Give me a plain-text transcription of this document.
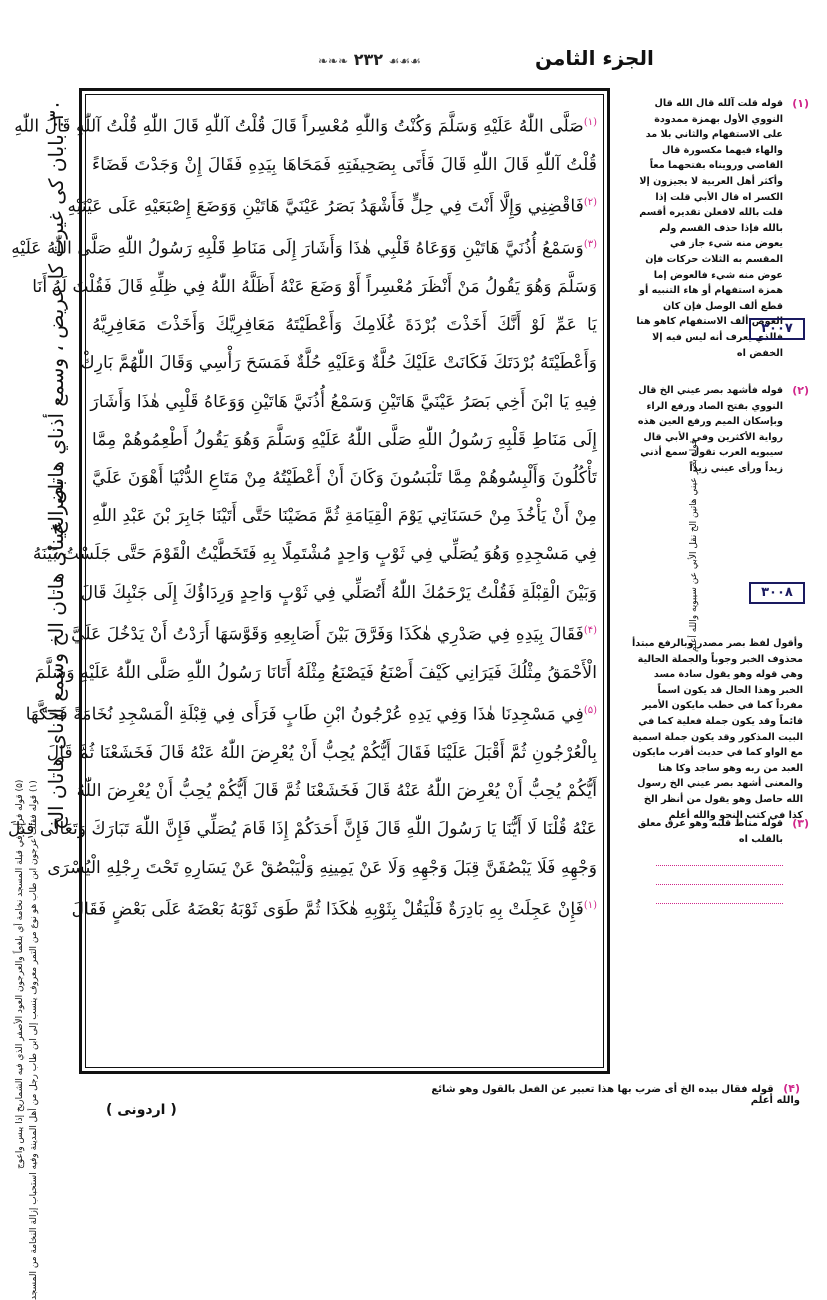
الجزء الثامن
❧❧❧ ۲۳۲ ☙☙☙
$^{(۱)}$صَلَّى اللّٰهُ عَلَيْهِ وَسَلَّمَ وَكُنْتُ وَاللّٰهِ مُعْسِراً قَالَ قُلْتُ آللّٰهِ قَالَ اللّٰهِ قُلْتُ آللّٰهِ قَالَ اللّٰهِ
قُلْتُ آللّٰهِ قَالَ اللّٰهِ قَالَ فَأَتَى بِصَحِيفَتِهِ فَمَحَاهَا بِيَدِهِ فَقَالَ إِنْ وَجَدْتَ قَضَاءً
$^{(۲)}$فَاقْضِنِي وَإِلَّا أَنْتَ فِي حِلٍّ فَأَشْهَدُ بَصَرُ عَيْنَيَّ هَاتَيْنِ وَوَضَعَ إِصْبَعَيْهِ عَلَى عَيْنَيْهِ
$^{(۳)}$وَسَمْعُ أُذُنَيَّ هَاتَيْنِ وَوَعَاهُ قَلْبِي هٰذَا وَأَشَارَ إِلَى مَنَاطِ قَلْبِهِ رَسُولُ اللّٰهِ صَلَّى اللّٰهُ عَلَيْهِ
وَسَلَّمَ وَهُوَ يَقُولُ مَنْ أَنْظَرَ مُعْسِراً أَوْ وَضَعَ عَنْهُ أَظَلَّهُ اللّٰهُ فِي ظِلِّهِ قَالَ فَقُلْتُ لَهُ أَنَا
يَا عَمِّ لَوْ أَنَّكَ أَخَذْتَ بُرْدَةَ غُلَامِكَ وَأَعْطَيْتَهُ مَعَافِرِيَّكَ وَأَخَذْتَ مَعَافِرِيَّهُ
وَأَعْطَيْتَهُ بُرْدَتَكَ فَكَانَتْ عَلَيْكَ حُلَّةٌ وَعَلَيْهِ حُلَّةٌ فَمَسَحَ رَأْسِي وَقَالَ اللّٰهُمَّ بَارِكْ
فِيهِ يَا ابْنَ أَخِي بَصَرُ عَيْنَيَّ هَاتَيْنِ وَسَمْعُ أُذُنَيَّ هَاتَيْنِ وَوَعَاهُ قَلْبِي هٰذَا وَأَشَارَ
إِلَى مَنَاطِ قَلْبِهِ رَسُولُ اللّٰهِ صَلَّى اللّٰهُ عَلَيْهِ وَسَلَّمَ وَهُوَ يَقُولُ أَطْعِمُوهُمْ مِمَّا
تَأْكُلُونَ وَأَلْبِسُوهُمْ مِمَّا تَلْبَسُونَ وَكَانَ أَنْ أَعْطَيْتُهُ مِنْ مَتَاعِ الدُّنْيَا أَهْوَنَ عَلَيَّ
مِنْ أَنْ يَأْخُذَ مِنْ حَسَنَاتِي يَوْمَ الْقِيَامَةِ ثُمَّ مَضَيْنَا حَتَّى أَتَيْنَا جَابِرَ بْنَ عَبْدِ اللّٰهِ
فِي مَسْجِدِهِ وَهُوَ يُصَلِّي فِي ثَوْبٍ وَاحِدٍ مُشْتَمِلًا بِهِ فَتَخَطَّيْتُ الْقَوْمَ حَتَّى جَلَسْتُ بَيْنَهُ
وَبَيْنَ الْقِبْلَةِ فَقُلْتُ يَرْحَمُكَ اللّٰهُ أَتُصَلِّي فِي ثَوْبٍ وَاحِدٍ وَرِدَاؤُكَ إِلَى جَنْبِكَ قَالَ
$^{(۴)}$فَقَالَ بِيَدِهِ فِي صَدْرِي هٰكَذَا وَفَرَّقَ بَيْنَ أَصَابِعِهِ وَقَوَّسَهَا أَرَدْتُ أَنْ يَدْخُلَ عَلَيَّ
الْأَحْمَقُ مِثْلُكَ فَيَرَانِي كَيْفَ أَصْنَعُ فَيَصْنَعُ مِثْلَهُ أَتَانَا رَسُولُ اللّٰهِ صَلَّى اللّٰهُ عَلَيْهِ وَسَلَّمَ
$^{(۵)}$فِي مَسْجِدِنَا هٰذَا وَفِي يَدِهِ عُرْجُونُ ابْنِ طَابٍ فَرَأَى فِي قِبْلَةِ الْمَسْجِدِ نُخَامَةً فَحَكَّهَا
بِالْعُرْجُونِ ثُمَّ أَقْبَلَ عَلَيْنَا فَقَالَ أَيُّكُمْ يُحِبُّ أَنْ يُعْرِضَ اللّٰهُ عَنْهُ قَالَ فَخَشَعْنَا ثُمَّ قَالَ
أَيُّكُمْ يُحِبُّ أَنْ يُعْرِضَ اللّٰهُ عَنْهُ قَالَ فَخَشَعْنَا ثُمَّ قَالَ أَيُّكُمْ يُحِبُّ أَنْ يُعْرِضَ اللّٰهُ
عَنْهُ قُلْنَا لَا أَيُّنَا يَا رَسُولَ اللّٰهِ قَالَ فَإِنَّ أَحَدَكُمْ إِذَا قَامَ يُصَلِّي فَإِنَّ اللّٰهَ تَبَارَكَ وَتَعَالَى قِبَلَ
وَجْهِهِ فَلَا يَبْصُقَنَّ قِبَلَ وَجْهِهِ وَلَا عَنْ يَمِينِهِ وَلْيَبْصُقْ عَنْ يَسَارِهِ تَحْتَ رِجْلِهِ الْيُسْرَى
$^{(۱)}$فَإِنْ عَجِلَتْ بِهِ بَادِرَةٌ فَلْيَقُلْ بِثَوْبِهِ هٰكَذَا ثُمَّ طَوَى ثَوْبَهُ بَعْضَهُ عَلَى بَعْضٍ فَقَالَ
(۱)
قوله قلت آلله قال الله قال النووي الأول بهمزة ممدودة على الاستفهام والثاني بلا مد والهاء فيهما مكسورة قال القاضي ورويناه بفتحهما معاً وأكثر أهل العربية لا يجيزون إلا الكسر اه قال الأبي قلت إذا قلت بالله لافعلن تقديره أقسم بالله فإذا حذف القسم ولم يعوض منه شيء جاز في المقسم به الثلاث حركات فإن عوض منه شيء فالعوض إما همزة استفهام أو هاء التنبيه أو قطع ألف الوصل فإن كان العوض ألف الاستفهام كاهو هنا فالذي يعرف أنه ليس فيه إلا الخفض اه
(۲)
قوله فأشهد بصر عيني الخ قال النووي بفتح الصاد ورفع الراء وبإسكان الميم ورفع العين هذه رواية الأكثرين وفي الأبي قال سيبويه العرب تقول سمع أذني زيداً ورأى عيني زيداً
وأقول لفظ بصر مصدر وبالرفع مبتدأ محذوف الخبر وجوباً والجملة الحالية وهي قوله وهو يقول سادة مسد الخبر وهذا الحال قد يكون اسماً مفرداً كما في خطب مايكون الأمير قائماً وقد يكون جملة فعلية كما في البيت المذكور وقد يكون جملة اسمية مع الواو كما في حديث أقرب مايكون العبد من ربه وهو ساجد وكا هنا والمعنى أشهد بصر عيني الخ رسول الله حاصل وهو يقول من أنظر الخ كذا في كتب النحو والله أعلم
(۳)
قوله مناط قلبه وهو عرق معلق بالقلب اه
۳۰۰۷
۳۰۰۸
قوله بصر عيني هاتين الخ نقل الأبي عن سيبويه والله أعلم
بصر عيناى هاتان الخ وسمع أذناى هاتان الخ
۳۰: بابان کی غیرت کا عریض ، وسمع أذناي هاتان الخ
(۱) قوله فقلت عرجون ابن طاب هو نوع من التمر معروف ينسب إلى ابن طاب رجل من أهل المدينة وفيه استحباب إزالة النخامة من المسجد
(۵) قوله فرأى في قبلة المسجد نخامة أي بلغماً والعرجون العود الأصفر الذي فيه الشماريخ إذا يبس واعوج
(۴) قوله فقال بيده الخ أى ضرب بها هذا تعبير عن الفعل بالقول وهو شائع والله أعلم
( اردونی )
